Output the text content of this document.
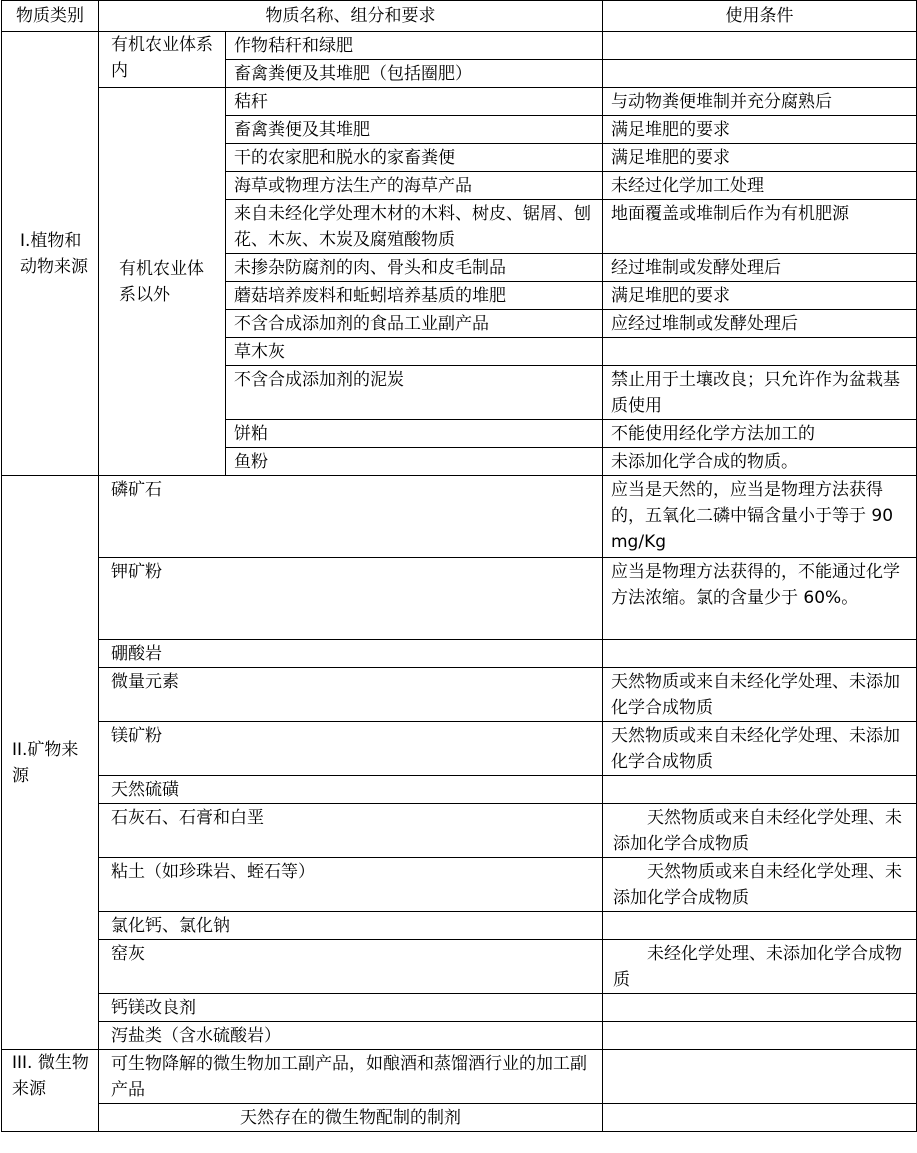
物质类别	物质名称、组分和要求		使用条件
I.植物和动物来源	有机农业体系内	作物秸秆和绿肥	
		畜禽粪便及其堆肥（包括圈肥）	
	有机农业体系以外	秸秆	与动物粪便堆制并充分腐熟后
		畜禽粪便及其堆肥	满足堆肥的要求
		干的农家肥和脱水的家畜粪便	满足堆肥的要求
		海草或物理方法生产的海草产品	未经过化学加工处理
		来自未经化学处理木材的木料、树皮、锯屑、刨花、木灰、木炭及腐殖酸物质	地面覆盖或堆制后作为有机肥源
		未掺杂防腐剂的肉、骨头和皮毛制品	经过堆制或发酵处理后
		蘑菇培养废料和蚯蚓培养基质的堆肥	满足堆肥的要求
		不含合成添加剂的食品工业副产品	应经过堆制或发酵处理后
		草木灰	
		不含合成添加剂的泥炭	禁止用于土壤改良；只允许作为盆栽基质使用
		饼粕	不能使用经化学方法加工的
		鱼粉	未添加化学合成的物质。
II.矿物来源	磷矿石		应当是天然的，应当是物理方法获得的，五氧化二磷中镉含量小于等于 90mg/Kg
	钾矿粉		应当是物理方法获得的，不能通过化学方法浓缩。氯的含量少于 60%。
	硼酸岩		
	微量元素		天然物质或来自未经化学处理、未添加化学合成物质
	镁矿粉		天然物质或来自未经化学处理、未添加化学合成物质
	天然硫磺		
	石灰石、石膏和白垩		天然物质或来自未经化学处理、未添加化学合成物质
	粘土（如珍珠岩、蛭石等）		天然物质或来自未经化学处理、未添加化学合成物质
	氯化钙、氯化钠		
	窑灰		未经化学处理、未添加化学合成物质
	钙镁改良剂		
	泻盐类（含水硫酸岩）		
III. 微生物来源	可生物降解的微生物加工副产品，如酿酒和蒸馏酒行业的加工副产品		
	天然存在的微生物配制的制剂		
